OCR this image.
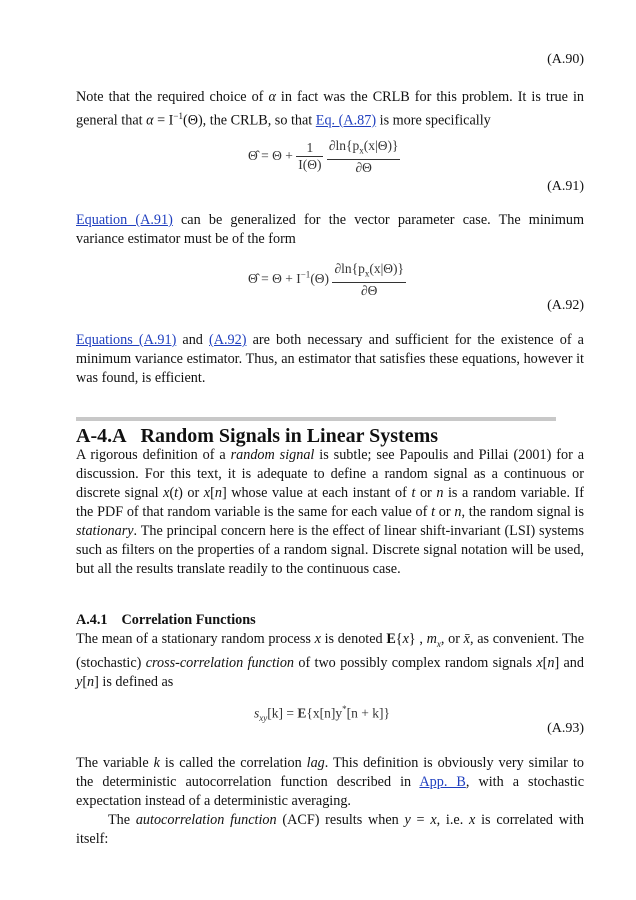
(A.90)
Note that the required choice of α in fact was the CRLB for this problem. It is true in general that $\alpha = I^{-1}(\Theta)$, the CRLB, so that Eq. (A.87) is more specifically
Θ̂ = $\Theta + \frac{1}{I(\Theta)}$
$\frac{\partial\ln\{p_x(x|\Theta)\}}{\partial\Theta}$
(A.91)
Equation (A.91) can be generalized for the vector parameter case. The minimum variance estimator must be of the form
Θ̂ = $\Theta + I^{-1}(\Theta) \frac{\partial\ln\{p_x(x|\Theta)\}}{\partial\Theta}$
(A.92)
Equations (A.91) and (A.92) are both necessary and sufficient for the existence of a minimum variance estimator. Thus, an estimator that satisfies these equations, however it was found, is efficient.
A-4.A Random Signals in Linear Systems
A rigorous definition of a random signal is subtle; see Papoulis and Pillai (2001) for a discussion. For this text, it is adequate to define a random signal as a continuous or discrete signal x(t) or x[n] whose value at each instant of t or n is a random variable. If the PDF of that random variable is the same for each value of t or n, the random signal is stationary. The principal concern here is the effect of linear shift-invariant (LSI) systems such as filters on the properties of a random signal. Discrete signal notation will be used, but all the results translate readily to the continuous case.
A.4.1 Correlation Functions
The mean of a stationary random process x is denoted E{x} , $m_x$, or x̄, as convenient. The (stochastic) cross-correlation function of two possibly complex random signals x[n] and y[n] is defined as
$s_{xy}[k] = E\{x[n]y^*[n + k]\}$
(A.93)
The variable k is called the correlation lag. This definition is obviously very similar to the deterministic autocorrelation function described in App. B, with a stochastic expectation instead of a deterministic averaging.
The autocorrelation function (ACF) results when y = x, i.e. x is correlated with itself:
